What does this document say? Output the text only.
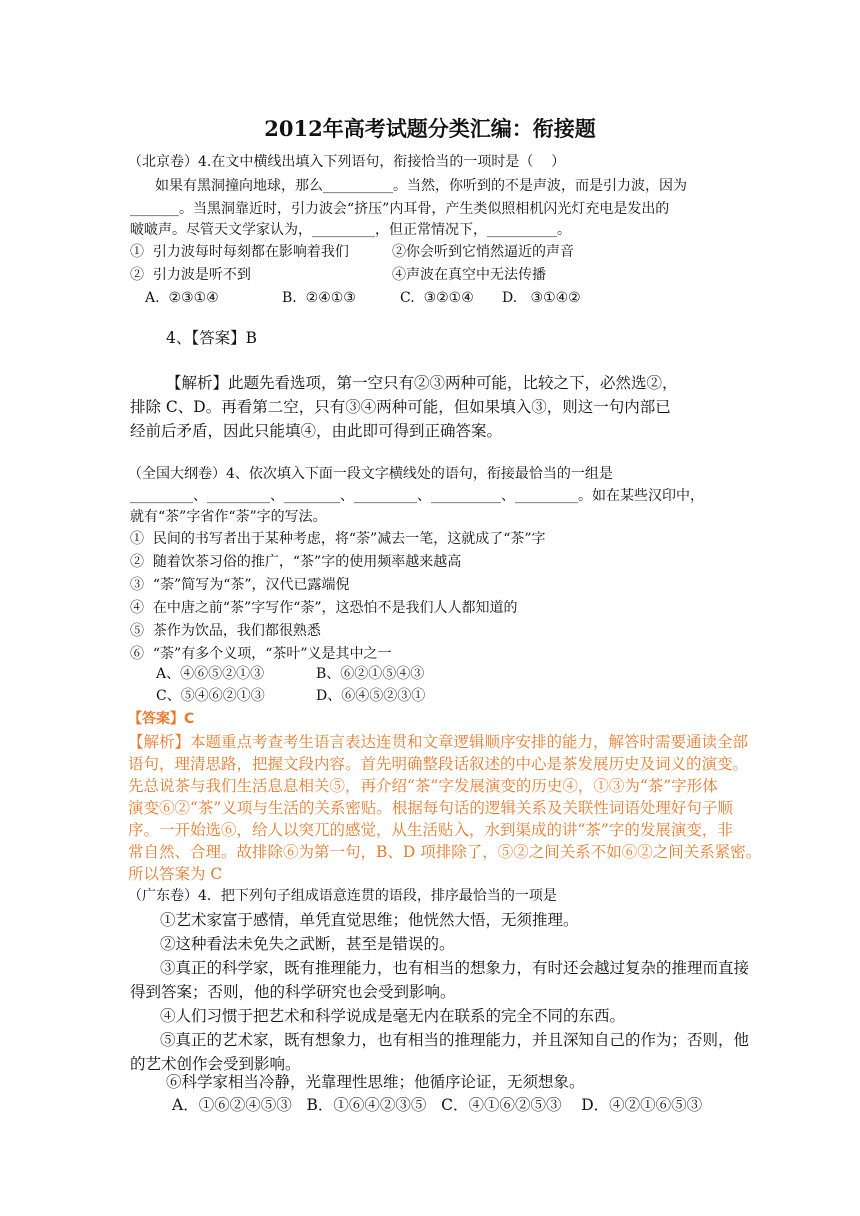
2012年高考试题分类汇编：衔接题
（北京卷）4.在文中横线出填入下列语句，衔接恰当的一项时是（    ）
如果有黑洞撞向地球，那么__________。当然，你听到的不是声波，而是引力波，因为
_______。当黑洞靠近时，引力波会“挤压”内耳骨，产生类似照相机闪光灯充电是发出的
啵啵声。尽管天文学家认为，_________，但正常情况下，__________。
①  引力波每时每刻都在影响着我们	②你会听到它悄然逼近的声音
②  引力波是听不到	④声波在真空中无法传播
A.  ②③①④	B.  ②④①③	C.  ③②①④ D.   ③①④②
4、【答案】B
【解析】此题先看选项，第一空只有②③两种可能，比较之下，必然选②，
排除 C、D。再看第二空，只有③④两种可能，但如果填入③，则这一句内部已
经前后矛盾，因此只能填④，由此即可得到正确答案。
（全国大纲卷）4、依次填入下面一段文字横线处的语句，衔接最恰当的一组是
_________、_________、________、_________、__________、_________。如在某些汉印中，
就有“茶”字省作“荼”字的写法。
①  民间的书写者出于某种考虑，将“荼”减去一笔，这就成了“茶”字
②  随着饮茶习俗的推广，“茶”字的使用频率越来越高
③  “荼”简写为“茶”，汉代已露端倪
④  在中唐之前“茶”字写作“荼”，这恐怕不是我们人人都知道的
⑤  茶作为饮品，我们都很熟悉
⑥  “荼”有多个义项，“茶叶”义是其中之一
A、④⑥⑤②①③	B、⑥②①⑤④③
C、⑤④⑥②①③	D、⑥④⑤②③①
【答案】C
【解析】本题重点考查考生语言表达连贯和文章逻辑顺序安排的能力，解答时需要通读全部
语句，理清思路，把握文段内容。首先明确整段话叙述的中心是茶发展历史及词义的演变。
先总说茶与我们生活息息相关⑤，再介绍“茶”字发展演变的历史④，①③为“茶”字形体
演变⑥②“茶”义项与生活的关系密贴。根据每句话的逻辑关系及关联性词语处理好句子顺
序。一开始选⑥，给人以突兀的感觉，从生活贴入，水到渠成的讲“茶”字的发展演变，非
常自然、合理。故排除⑥为第一句，B、D 项排除了，⑤②之间关系不如⑥②之间关系紧密。
所以答案为 C
（广东卷）4．把下列句子组成语意连贯的语段，排序最恰当的一项是
①艺术家富于感情，单凭直觉思维；他恍然大悟，无须推理。
②这种看法未免失之武断，甚至是错误的。
③真正的科学家，既有推理能力，也有相当的想象力，有时还会越过复杂的推理而直接
得到答案；否则，他的科学研究也会受到影响。
④人们习惯于把艺术和科学说成是毫无内在联系的完全不同的东西。
⑤真正的艺术家，既有想象力，也有相当的推理能力，并且深知自己的作为；否则，他
的艺术创作会受到影响。
⑥科学家相当冷静，光靠理性思维；他循序论证，无须想象。
A．①⑥②④⑤③   B．①⑥④②③⑤   C．④①⑥②⑤③    D．④②①⑥⑤③
